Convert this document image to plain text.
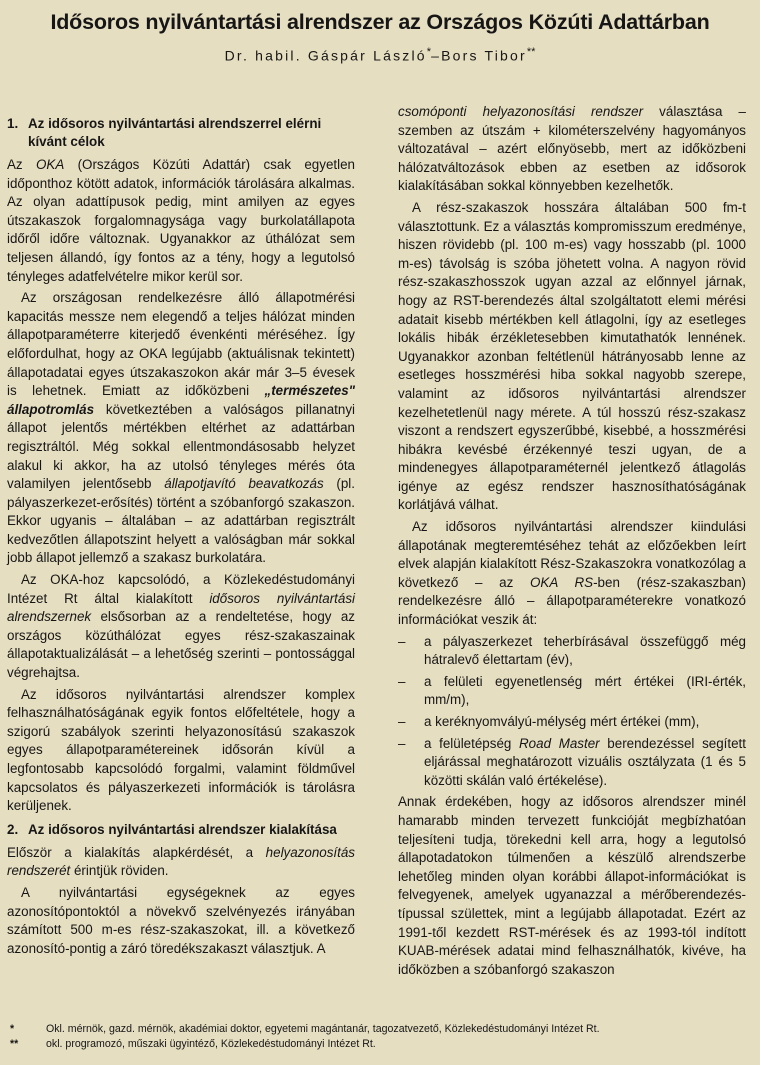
Idősoros nyilvántartási alrendszer az Országos Közúti Adattárban
Dr. habil. Gáspár László*–Bors Tibor**
1. Az idősoros nyilvántartási alrendszerrel elérni kívánt célok

Az OKA (Országos Közúti Adattár) csak egyetlen időponthoz kötött adatok, információk tárolására alkalmas. Az olyan adattípusok pedig, mint amilyen az egyes útszakaszok forgalomnagysága vagy burkolatállapota időről időre változnak. Ugyanakkor az úthálózat sem teljesen állandó, így fontos az a tény, hogy a legutolsó tényleges adatfelvételre mikor kerül sor.

Az országosan rendelkezésre álló állapotmérési kapacitás messze nem elegendő a teljes hálózat minden állapotparaméterre kiterjedő évenkénti méréséhez. Így előfordulhat, hogy az OKA legújabb (aktuálisnak tekintett) állapotadatai egyes útszakaszokon akár már 3–5 évesek is lehetnek. Emiatt az időközbeni „természetes" állapotromlás következtében a valóságos pillanatnyi állapot jelentős mértékben eltérhet az adattárban regisztráltól. Még sokkal ellentmondásosabb helyzet alakul ki akkor, ha az utolsó tényleges mérés óta valamilyen jelentősebb állapotjavító beavatkozás (pl. pályaszerkezet-erősítés) történt a szóbanforgó szakaszon. Ekkor ugyanis – általában – az adattárban regisztrált kedvezőtlen állapotszint helyett a valóságban már sokkal jobb állapot jellemző a szakasz burkolatára.

Az OKA-hoz kapcsolódó, a Közlekedéstudományi Intézet Rt által kialakított idősoros nyilvántartási alrendszernek elsősorban az a rendeltetése, hogy az országos közúthálózat egyes rész-szakaszainak állapotaktualizálását – a lehetőség szerinti – pontossággal végrehajtsa.

Az idősoros nyilvántartási alrendszer komplex felhasználhatóságának egyik fontos előfeltétele, hogy a szigorú szabályok szerinti helyazonosítású szakaszok egyes állapotparamétereinek idősorán kívül a legfontosabb kapcsolódó forgalmi, valamint földművel kapcsolatos és pályaszerkezeti információk is tárolásra kerüljenek.

2. Az idősoros nyilvántartási alrendszer kialakítása

Először a kialakítás alapkérdését, a helyazonosítás rendszerét érintjük röviden.

A nyilvántartási egységeknek az egyes azonosítópontoktól a növekvő szelvényezés irányában számított 500 m-es rész-szakaszokat, ill. a következő azonosító-pontig a záró töredékszakaszt választjuk. A

csomóponti helyazonosítási rendszer választása – szemben az útszám + kilométerszelvény hagyományos változatával – azért előnyösebb, mert az időközbeni hálózatváltozások ebben az esetben az idősorok kialakításában sokkal könnyebben kezelhetők.

A rész-szakaszok hosszára általában 500 fm-t választottunk. Ez a választás kompromisszum eredménye, hiszen rövidebb (pl. 100 m-es) vagy hosszabb (pl. 1000 m-es) távolság is szóba jöhetett volna. A nagyon rövid rész-szakaszhosszok ugyan azzal az előnnyel járnak, hogy az RST-berendezés által szolgáltatott elemi mérési adatait kisebb mértékben kell átlagolni, így az esetleges lokális hibák érzékletesebben kimutathatók lennének. Ugyanakkor azonban feltétlenül hátrányosabb lenne az esetleges hosszmérési hiba sokkal nagyobb szerepe, valamint az idősoros nyilvántartási alrendszer kezelhetetlenül nagy mérete. A túl hosszú rész-szakasz viszont a rendszert egyszerűbbé, kisebbé, a hosszmérési hibákra kevésbé érzékennyé teszi ugyan, de a mindenegyes állapotparaméternél jelentkező átlagolás igénye az egész rendszer hasznosíthatóságának korlátjává válhat.

Az idősoros nyilvántartási alrendszer kiindulási állapotának megteremtéséhez tehát az előzőekben leírt elvek alapján kialakított Rész-Szakaszokra vonatkozólag a következő – az OKA RS-ben (rész-szakaszban) rendelkezésre álló – állapotparaméterekre vonatkozó információkat veszik át:

–	a pályaszerkezet teherbírásával összefüggő még hátralevő élettartam (év),
–	a felületi egyenetlenség mért értékei (IRI-érték, mm/m),
–	a keréknyomvályú-mélység mért értékei (mm),
–	a felületépség Road Master berendezéssel segített eljárással meghatározott vizuális osztályzata (1 és 5 közötti skálán való értékelése).

Annak érdekében, hogy az idősoros alrendszer minél hamarabb minden tervezett funkcióját megbízhatóan teljesíteni tudja, törekedni kell arra, hogy a legutolsó állapotadatokon túlmenően a készülő alrendszerbe lehetőleg minden olyan korábbi állapot-információkat is felvegyenek, amelyek ugyanazzal a mérőberendezés-típussal születtek, mint a legújabb állapotadat. Ezért az 1991-től kezdett RST-mérések és az 1993-tól indított KUAB-mérések adatai mind felhasználhatók, kivéve, ha időközben a szóbanforgó szakaszon

*	Okl. mérnök, gazd. mérnök, akadémiai doktor, egyetemi magántanár, tagozatvezető, Közlekedéstudományi Intézet Rt.
**	okl. programozó, műszaki ügyintéző, Közlekedéstudományi Intézet Rt.
